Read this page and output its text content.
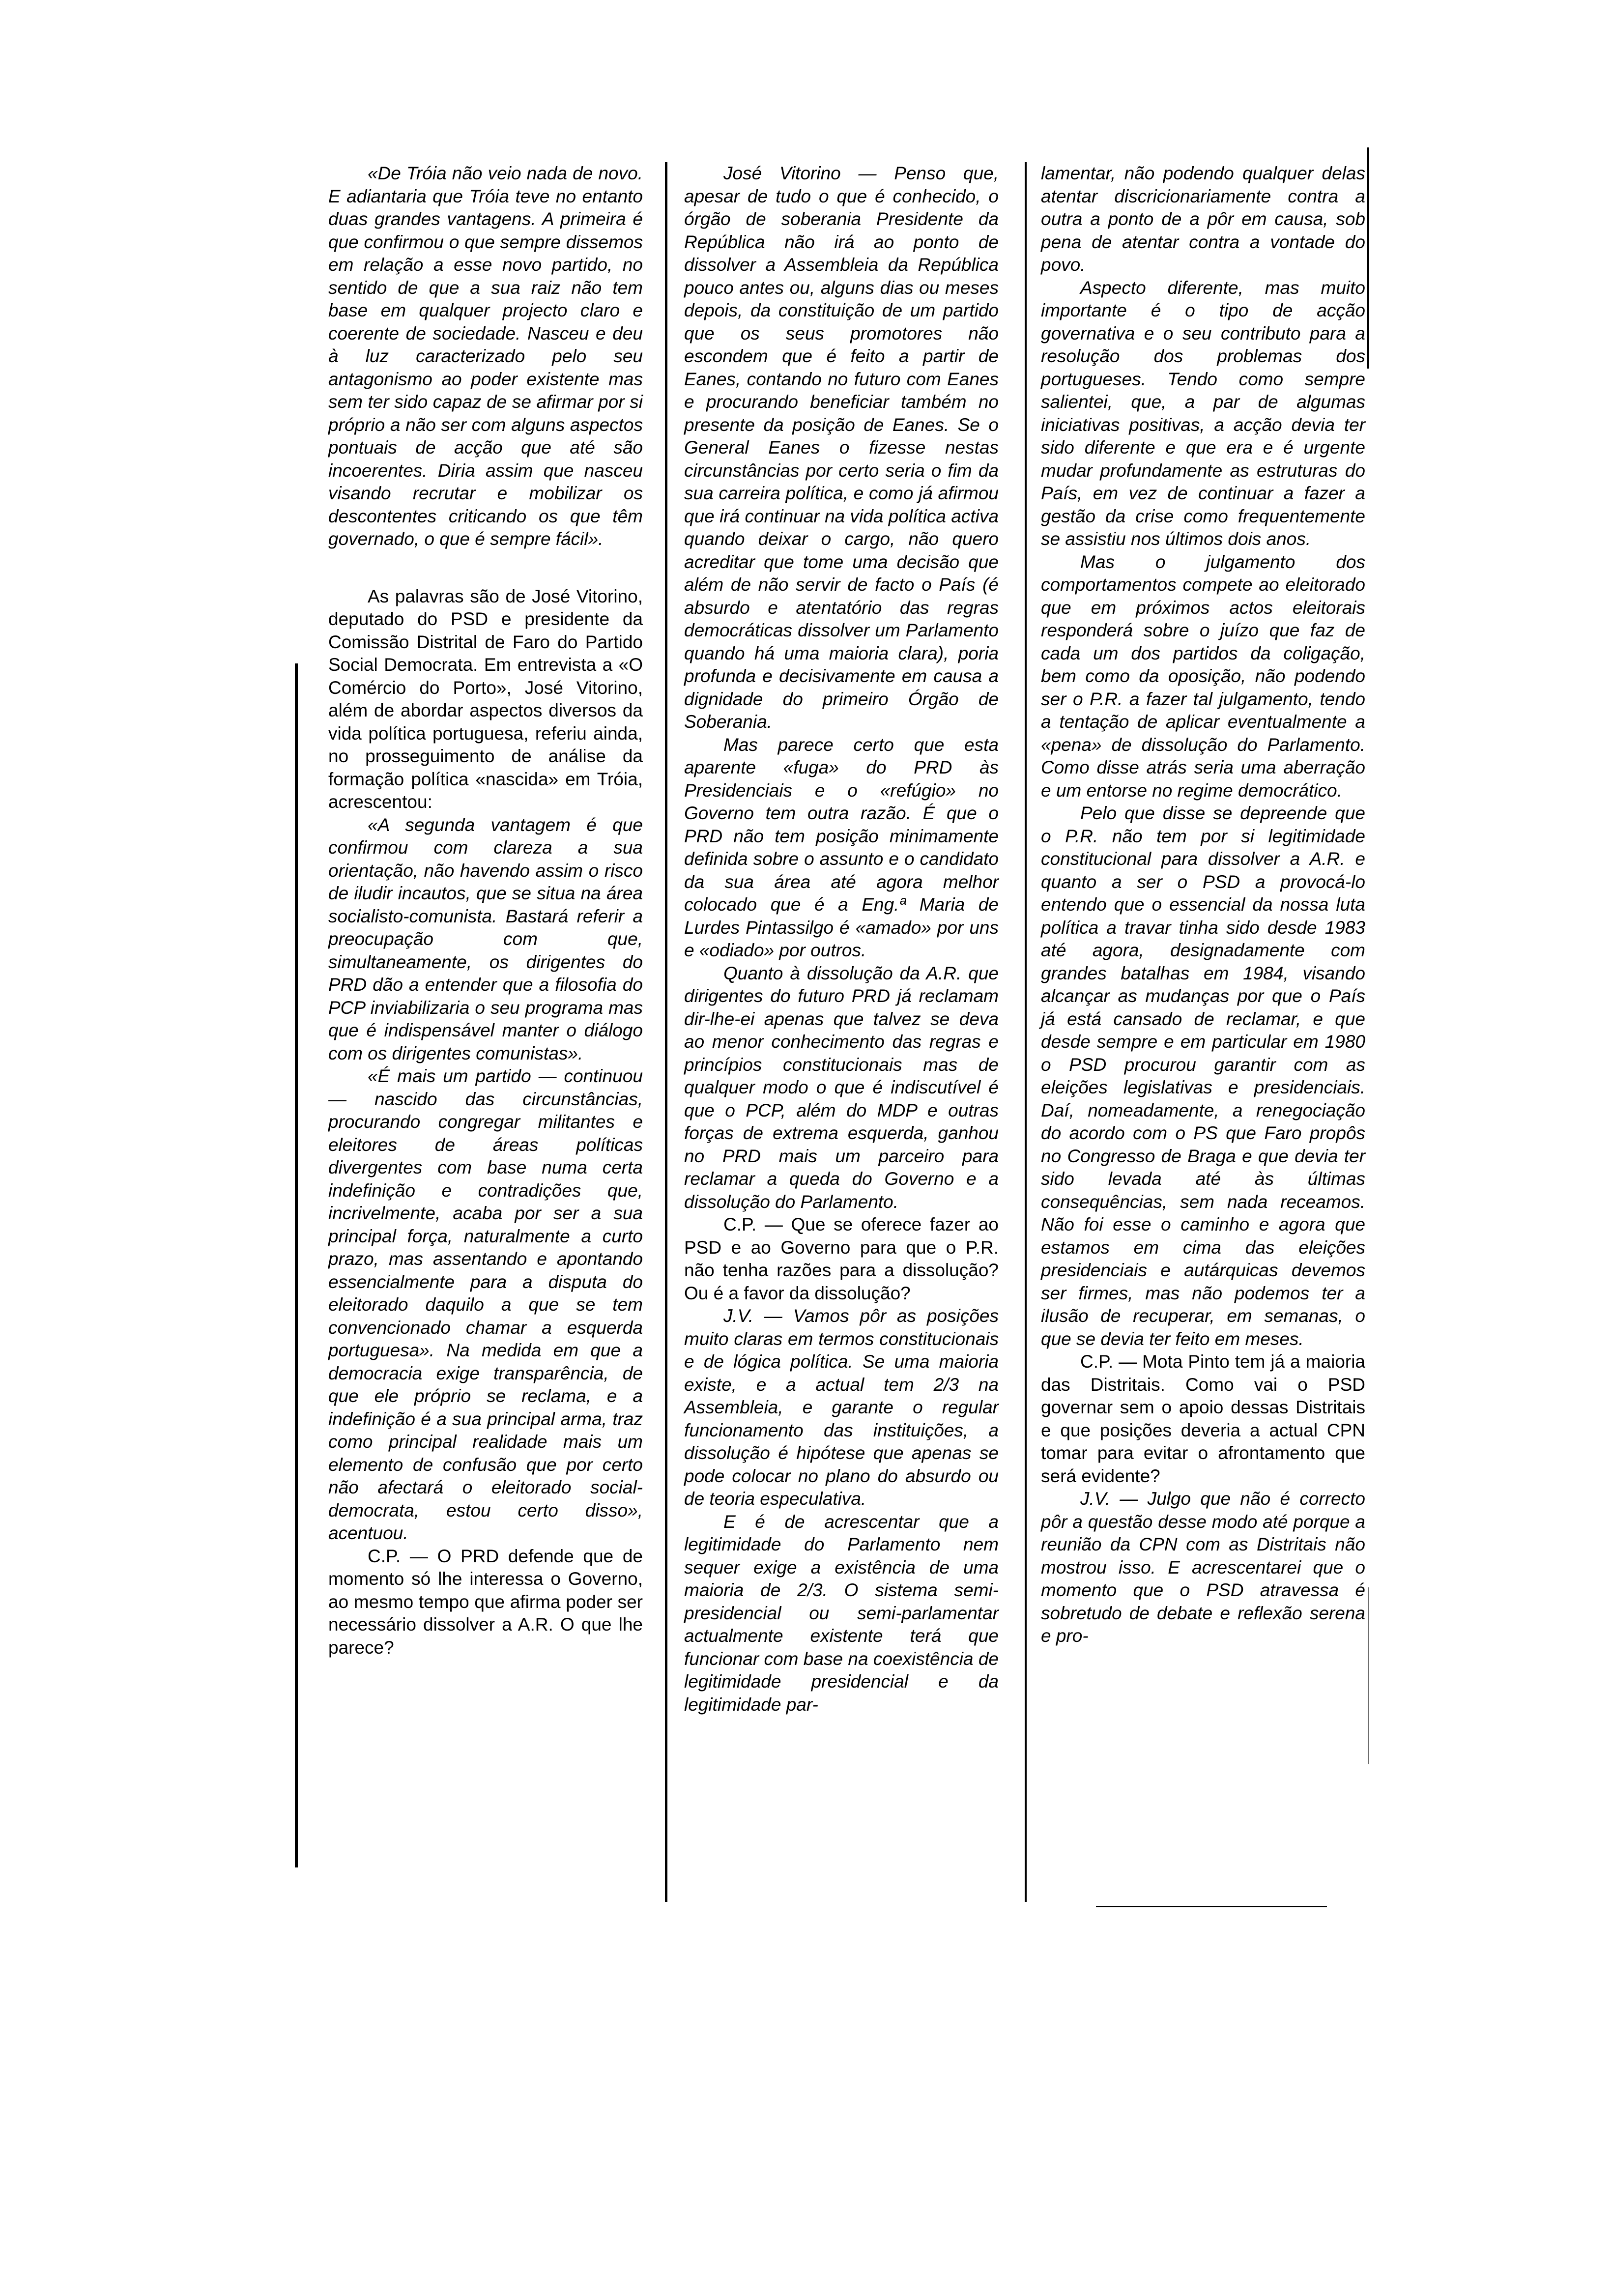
«De Tróia não veio nada de novo. E adiantaria que Tróia teve no entanto duas grandes vantagens. A primeira é que confirmou o que sempre dissemos em relação a esse novo partido, no sentido de que a sua raiz não tem base em qualquer projecto claro e coerente de sociedade. Nasceu e deu à luz caracterizado pelo seu antagonismo ao poder existente mas sem ter sido capaz de se afirmar por si próprio a não ser com alguns aspectos pontuais de acção que até são incoerentes. Diria assim que nasceu visando recrutar e mobilizar os descontentes criticando os que têm governado, o que é sempre fácil».

As palavras são de José Vitorino, deputado do PSD e presidente da Comissão Distrital de Faro do Partido Social Democrata. Em entrevista a «O Comércio do Porto», José Vitorino, além de abordar aspectos diversos da vida política portuguesa, referiu ainda, no prosseguimento de análise da formação política «nascida» em Tróia, acrescentou:

«A segunda vantagem é que confirmou com clareza a sua orientação, não havendo assim o risco de iludir incautos, que se situa na área socialisto-comunista. Bastará referir a preocupação com que, simultaneamente, os dirigentes do PRD dão a entender que a filosofia do PCP inviabilizaria o seu programa mas que é indispensável manter o diálogo com os dirigentes comunistas».

«É mais um partido — continuou — nascido das circunstâncias, procurando congregar militantes e eleitores de áreas políticas divergentes com base numa certa indefinição e contradições que, incrivelmente, acaba por ser a sua principal força, naturalmente a curto prazo, mas assentando e apontando essencialmente para a disputa do eleitorado daquilo a que se tem convencionado chamar a esquerda portuguesa». Na medida em que a democracia exige transparência, de que ele próprio se reclama, e a indefinição é a sua principal arma, traz como principal realidade mais um elemento de confusão que por certo não afectará o eleitorado social-democrata, estou certo disso», acentuou.

C.P. — O PRD defende que de momento só lhe interessa o Governo, ao mesmo tempo que afirma poder ser necessário dissolver a A.R. O que lhe parece?

José Vitorino — Penso que, apesar de tudo o que é conhecido, o órgão de soberania Presidente da República não irá ao ponto de dissolver a Assembleia da República pouco antes ou, alguns dias ou meses depois, da constituição de um partido que os seus promotores não escondem que é feito a partir de Eanes, contando no futuro com Eanes e procurando beneficiar também no presente da posição de Eanes. Se o General Eanes o fizesse nestas circunstâncias por certo seria o fim da sua carreira política, e como já afirmou que irá continuar na vida política activa quando deixar o cargo, não quero acreditar que tome uma decisão que além de não servir de facto o País (é absurdo e atentatório das regras democráticas dissolver um Parlamento quando há uma maioria clara), poria profunda e decisivamente em causa a dignidade do primeiro Órgão de Soberania.

Mas parece certo que esta aparente «fuga» do PRD às Presidenciais e o «refúgio» no Governo tem outra razão. É que o PRD não tem posição minimamente definida sobre o assunto e o candidato da sua área até agora melhor colocado que é a Eng.ª Maria de Lurdes Pintassilgo é «amado» por uns e «odiado» por outros.

Quanto à dissolução da A.R. que dirigentes do futuro PRD já reclamam dir-lhe-ei apenas que talvez se deva ao menor conhecimento das regras e princípios constitucionais mas de qualquer modo o que é indiscutível é que o PCP, além do MDP e outras forças de extrema esquerda, ganhou no PRD mais um parceiro para reclamar a queda do Governo e a dissolução do Parlamento.

C.P. — Que se oferece fazer ao PSD e ao Governo para que o P.R. não tenha razões para a dissolução? Ou é a favor da dissolução?

J.V. — Vamos pôr as posições muito claras em termos constitucionais e de lógica política. Se uma maioria existe, e a actual tem 2/3 na Assembleia, e garante o regular funcionamento das instituições, a dissolução é hipótese que apenas se pode colocar no plano do absurdo ou de teoria especulativa.

E é de acrescentar que a legitimidade do Parlamento nem sequer exige a existência de uma maioria de 2/3. O sistema semi-presidencial ou semi-parlamentar actualmente existente terá que funcionar com base na coexistência de legitimidade presidencial e da legitimidade par-

lamentar, não podendo qualquer delas atentar discricionariamente contra a outra a ponto de a pôr em causa, sob pena de atentar contra a vontade do povo.

Aspecto diferente, mas muito importante é o tipo de acção governativa e o seu contributo para a resolução dos problemas dos portugueses. Tendo como sempre salientei, que, a par de algumas iniciativas positivas, a acção devia ter sido diferente e que era e é urgente mudar profundamente as estruturas do País, em vez de continuar a fazer a gestão da crise como frequentemente se assistiu nos últimos dois anos.

Mas o julgamento dos comportamentos compete ao eleitorado que em próximos actos eleitorais responderá sobre o juízo que faz de cada um dos partidos da coligação, bem como da oposição, não podendo ser o P.R. a fazer tal julgamento, tendo a tentação de aplicar eventualmente a «pena» de dissolução do Parlamento. Como disse atrás seria uma aberração e um entorse no regime democrático.

Pelo que disse se depreende que o P.R. não tem por si legitimidade constitucional para dissolver a A.R. e quanto a ser o PSD a provocá-lo entendo que o essencial da nossa luta política a travar tinha sido desde 1983 até agora, designadamente com grandes batalhas em 1984, visando alcançar as mudanças por que o País já está cansado de reclamar, e que desde sempre e em particular em 1980 o PSD procurou garantir com as eleições legislativas e presidenciais. Daí, nomeadamente, a renegociação do acordo com o PS que Faro propôs no Congresso de Braga e que devia ter sido levada até às últimas consequências, sem nada receamos. Não foi esse o caminho e agora que estamos em cima das eleições presidenciais e autárquicas devemos ser firmes, mas não podemos ter a ilusão de recuperar, em semanas, o que se devia ter feito em meses.

C.P. — Mota Pinto tem já a maioria das Distritais. Como vai o PSD governar sem o apoio dessas Distritais e que posições deveria a actual CPN tomar para evitar o afrontamento que será evidente?

J.V. — Julgo que não é correcto pôr a questão desse modo até porque a reunião da CPN com as Distritais não mostrou isso. E acrescentarei que o momento que o PSD atravessa é sobretudo de debate e reflexão serena e pro-
